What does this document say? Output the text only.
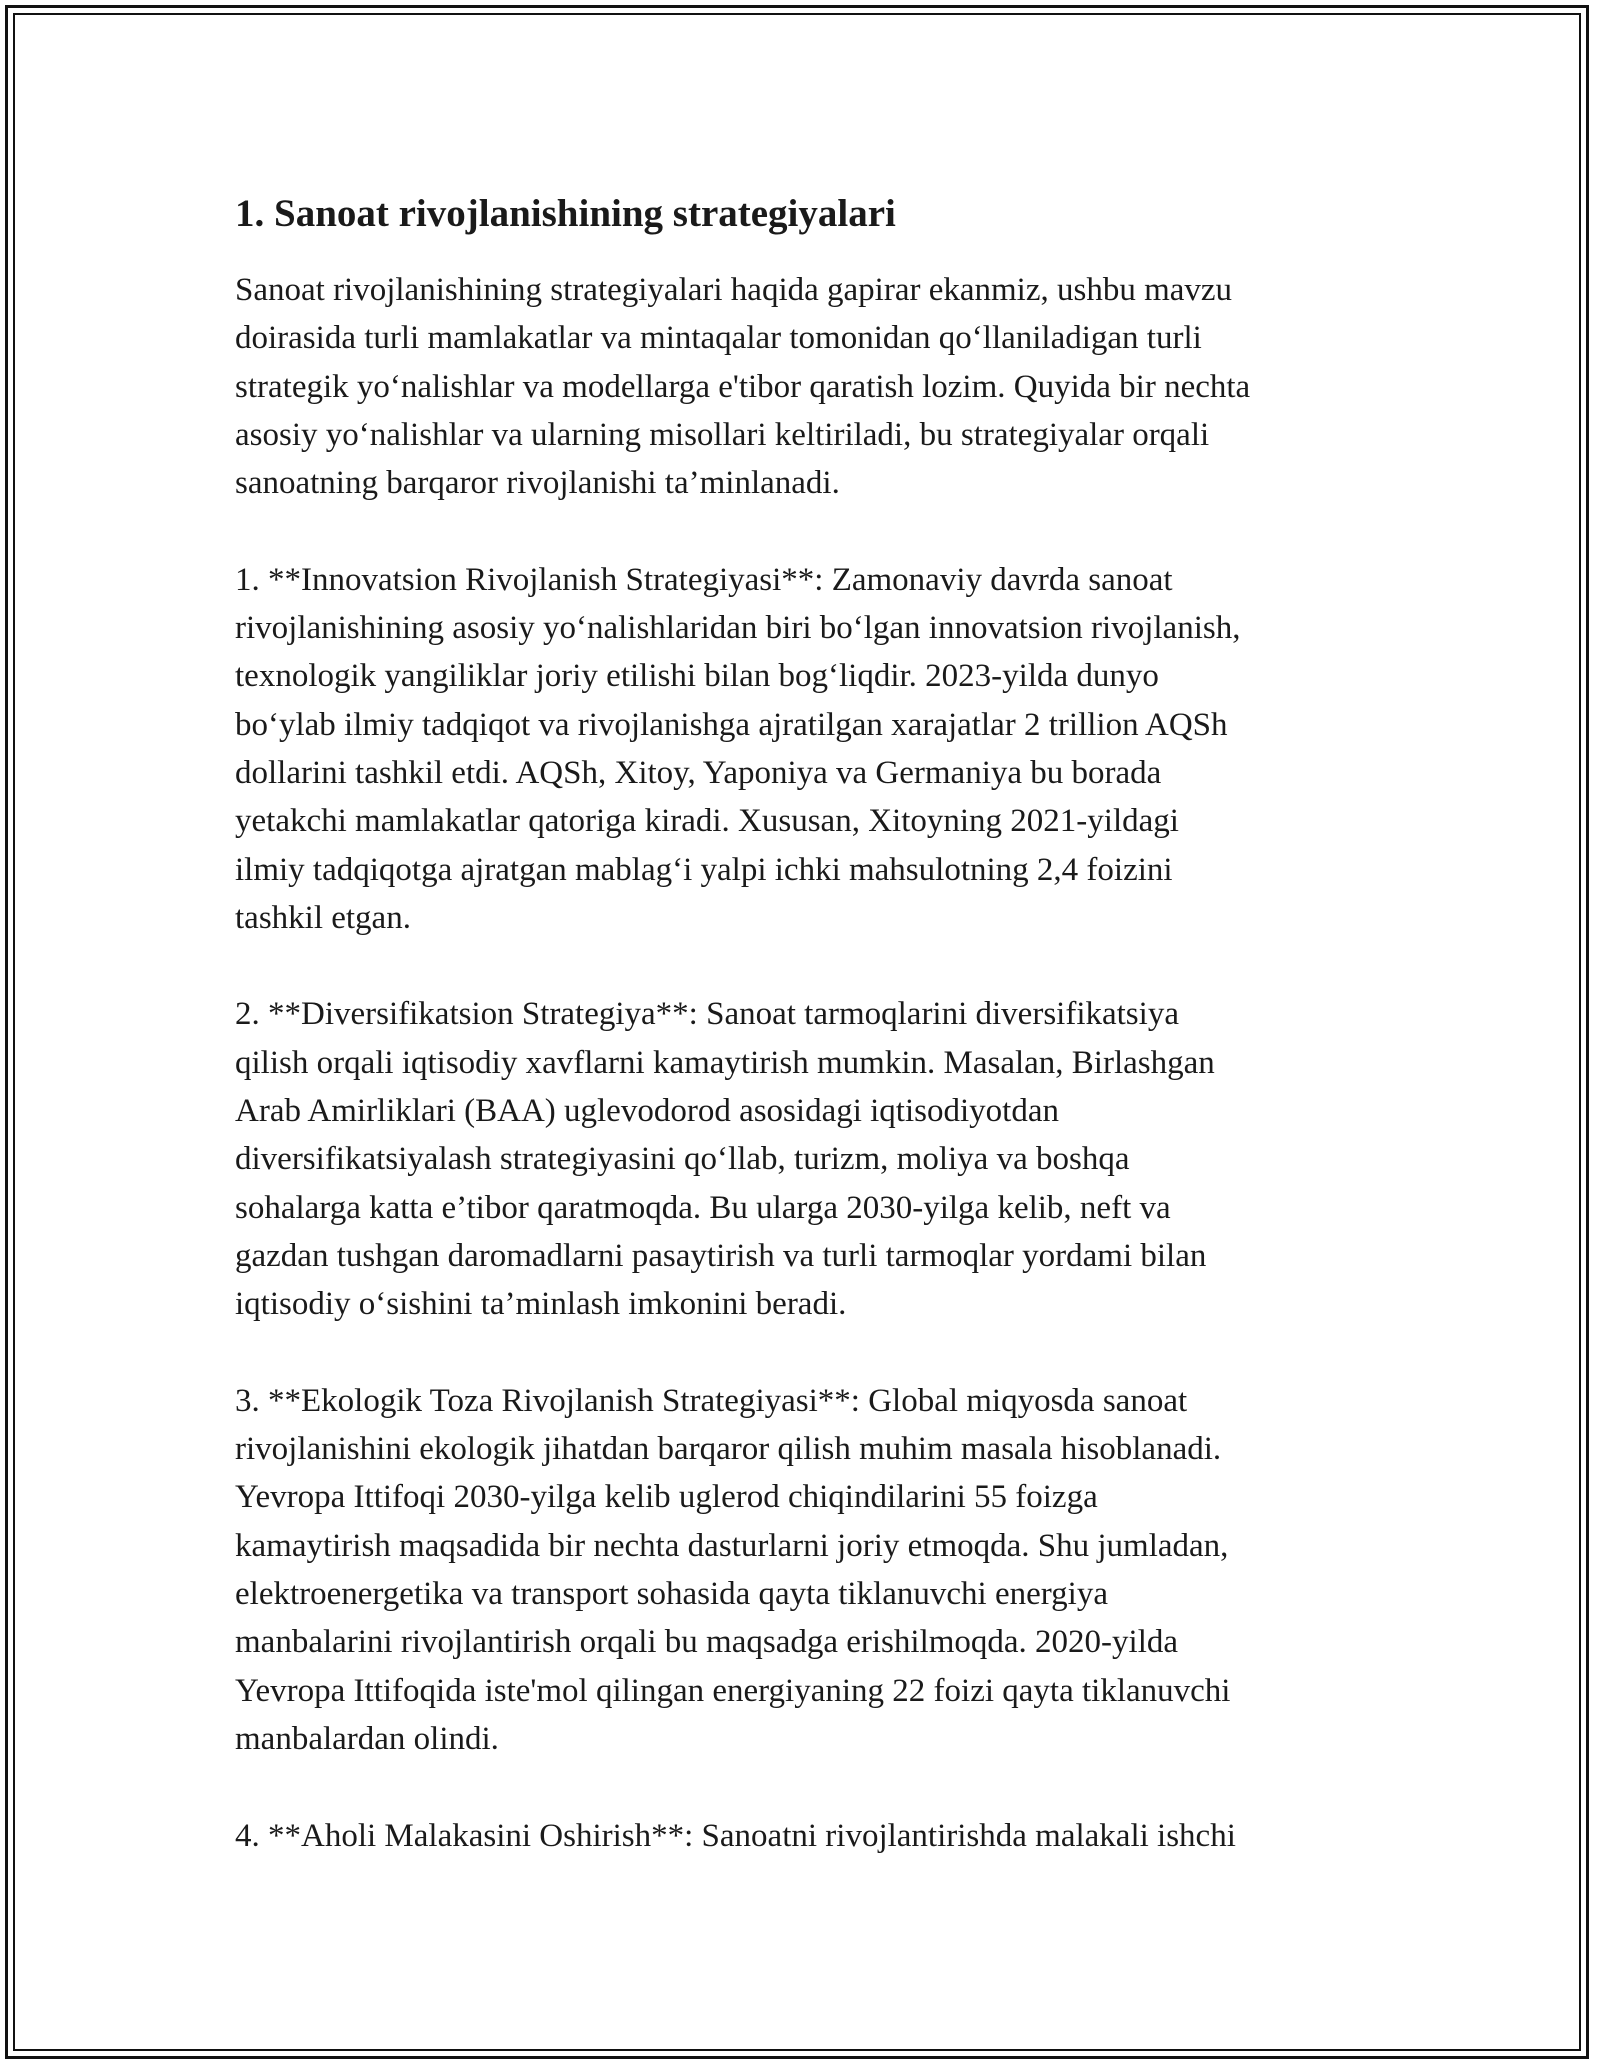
1. Sanoat rivojlanishining strategiyalari

Sanoat rivojlanishining strategiyalari haqida gapirar ekanmiz, ushbu mavzu
doirasida turli mamlakatlar va mintaqalar tomonidan qo‘llaniladigan turli
strategik yo‘nalishlar va modellarga e'tibor qaratish lozim. Quyida bir nechta
asosiy yo‘nalishlar va ularning misollari keltiriladi, bu strategiyalar orqali
sanoatning barqaror rivojlanishi ta’minlanadi.

1. **Innovatsion Rivojlanish Strategiyasi**: Zamonaviy davrda sanoat
rivojlanishining asosiy yo‘nalishlaridan biri bo‘lgan innovatsion rivojlanish,
texnologik yangiliklar joriy etilishi bilan bog‘liqdir. 2023-yilda dunyo
bo‘ylab ilmiy tadqiqot va rivojlanishga ajratilgan xarajatlar 2 trillion AQSh
dollarini tashkil etdi. AQSh, Xitoy, Yaponiya va Germaniya bu borada
yetakchi mamlakatlar qatoriga kiradi. Xususan, Xitoyning 2021-yildagi
ilmiy tadqiqotga ajratgan mablag‘i yalpi ichki mahsulotning 2,4 foizini
tashkil etgan.

2. **Diversifikatsion Strategiya**: Sanoat tarmoqlarini diversifikatsiya
qilish orqali iqtisodiy xavflarni kamaytirish mumkin. Masalan, Birlashgan
Arab Amirliklari (BAA) uglevodorod asosidagi iqtisodiyotdan
diversifikatsiyalash strategiyasini qo‘llab, turizm, moliya va boshqa
sohalarga katta e’tibor qaratmoqda. Bu ularga 2030-yilga kelib, neft va
gazdan tushgan daromadlarni pasaytirish va turli tarmoqlar yordami bilan
iqtisodiy o‘sishini ta’minlash imkonini beradi.

3. **Ekologik Toza Rivojlanish Strategiyasi**: Global miqyosda sanoat
rivojlanishini ekologik jihatdan barqaror qilish muhim masala hisoblanadi.
Yevropa Ittifoqi 2030-yilga kelib uglerod chiqindilarini 55 foizga
kamaytirish maqsadida bir nechta dasturlarni joriy etmoqda. Shu jumladan,
elektroenergetika va transport sohasida qayta tiklanuvchi energiya
manbalarini rivojlantirish orqali bu maqsadga erishilmoqda. 2020-yilda
Yevropa Ittifoqida iste'mol qilingan energiyaning 22 foizi qayta tiklanuvchi
manbalardan olindi.

4. **Aholi Malakasini Oshirish**: Sanoatni rivojlantirishda malakali ishchi
